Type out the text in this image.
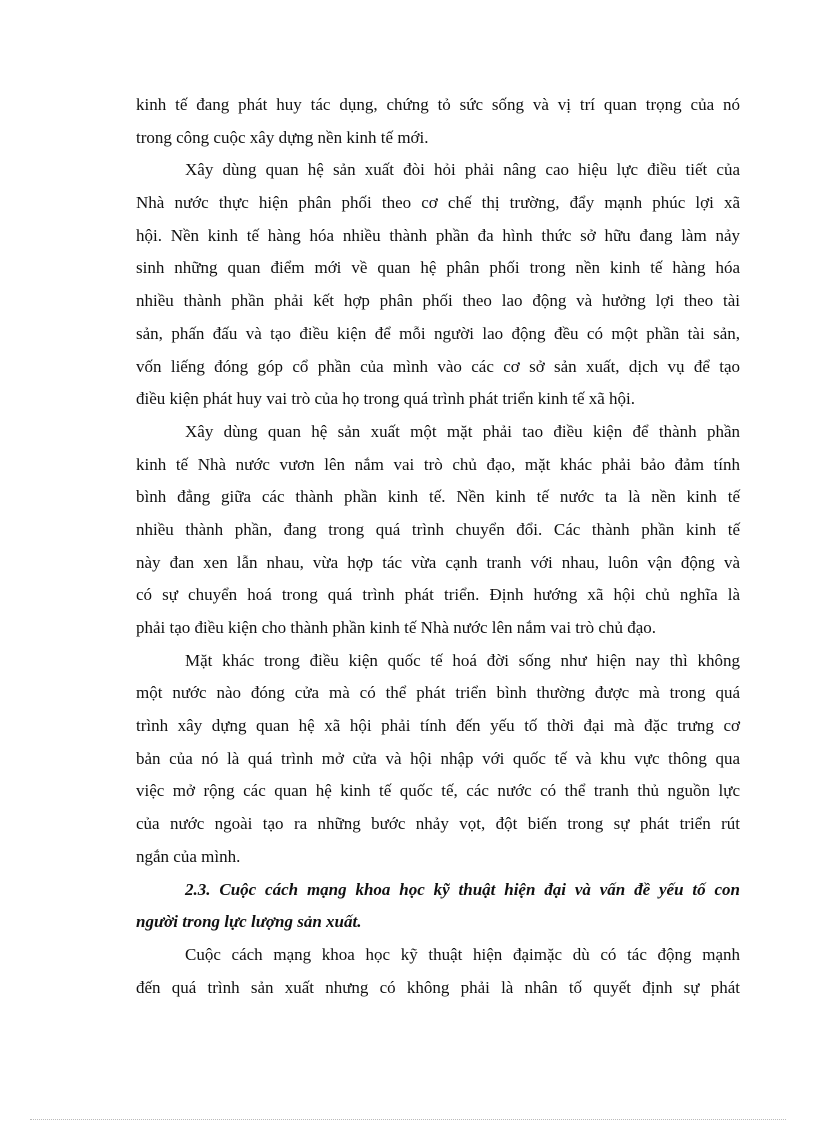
kinh tế đang phát huy tác dụng, chứng tỏ sức sống và vị trí quan trọng của nó
trong công cuộc xây dựng nền kinh tế mới.
Xây dùng quan hệ sản xuất đòi hỏi phải nâng cao hiệu lực điều tiết của
Nhà nước thực hiện phân phối theo cơ chế thị trường, đẩy mạnh phúc lợi xã
hội. Nền kinh tế hàng hóa nhiều thành phần đa hình thức sở hữu đang làm nảy
sinh những quan điểm mới về quan hệ phân phối trong nền kinh tế hàng hóa
nhiều thành phần phải kết hợp phân phối theo lao động và hưởng lợi theo tài
sản, phấn đấu và tạo điều kiện để mỗi người lao động đều có một phần tài sản,
vốn liếng đóng góp cổ phần của mình vào các cơ sở sản xuất, dịch vụ để tạo
điều kiện phát huy vai trò của họ trong quá trình phát triển kinh tế xã hội.
Xây dùng quan hệ sản xuất một mặt phải tao điều kiện để thành phần
kinh tế Nhà nước vươn lên nắm vai trò chủ đạo, mặt khác phải bảo đảm tính
bình đẳng giữa các thành phần kinh tế. Nền kinh tế nước ta là nền kinh tế
nhiều thành phần, đang trong quá trình chuyển đổi. Các thành phần kinh tế
này đan xen lẫn nhau, vừa hợp tác vừa cạnh tranh với nhau, luôn vận động và
có sự chuyển hoá trong quá trình phát triển. Định hướng xã hội chủ nghĩa là
phải tạo điều kiện cho thành phần kinh tế Nhà nước lên nắm vai trò chủ đạo.
Mặt khác trong điều kiện quốc tế hoá đời sống như hiện nay thì không
một nước nào đóng cửa mà có thể phát triển bình thường được mà trong quá
trình xây dựng quan hệ xã hội phải tính đến yếu tố thời đại mà đặc trưng cơ
bản của nó là quá trình mở cửa và hội nhập với quốc tế và khu vực thông qua
việc mở rộng các quan hệ kinh tế quốc tế, các nước có thể tranh thủ nguồn lực
của nước ngoài tạo ra những bước nhảy vọt, đột biến trong sự phát triển rút
ngắn của mình.
2.3. Cuộc cách mạng khoa học kỹ thuật hiện đại và vấn đề yếu tố con
người trong lực lượng sản xuất.
Cuộc cách mạng khoa học kỹ thuật hiện đạimặc dù có tác động mạnh
đến quá trình sản xuất nhưng có không phải là nhân tố quyết định sự phát
